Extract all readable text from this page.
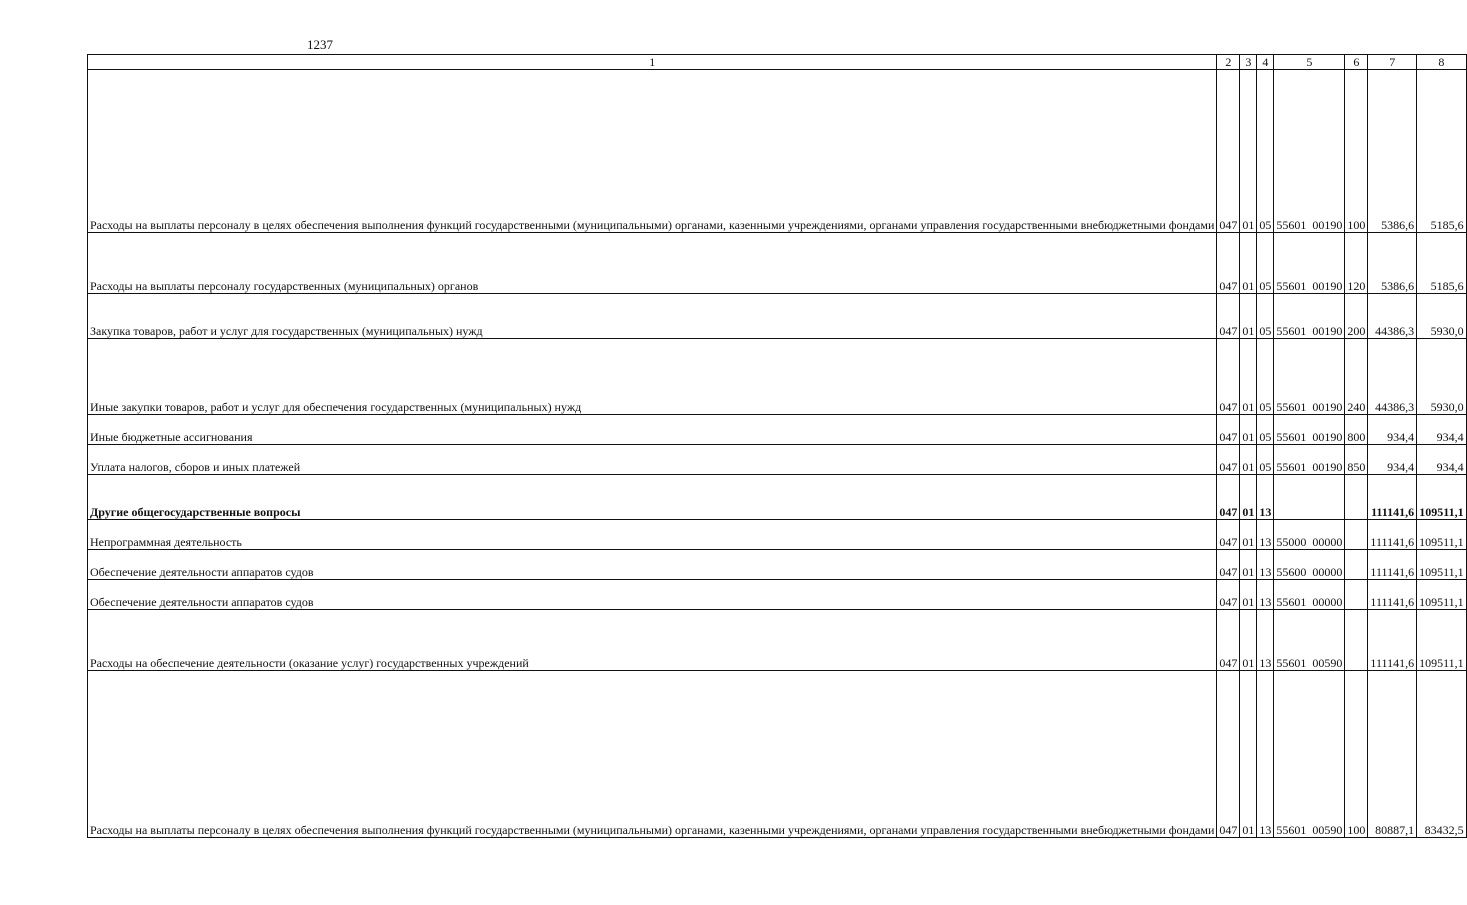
1237
1	2	3	4	5	6	7	8
Расходы на выплаты персоналу в целях обеспечения выполнения функций государственными (муниципальными) органами, казенными учреждениями, органами управления государственными внебюджетными фондами	047	01	05	55601 00190	100	5386,6	5185,6
Расходы на выплаты персоналу государственных (муниципальных) органов	047	01	05	55601 00190	120	5386,6	5185,6
Закупка товаров, работ и услуг для государственных (муниципальных) нужд	047	01	05	55601 00190	200	44386,3	5930,0
Иные закупки товаров, работ и услуг для обеспечения государственных (муниципальных) нужд	047	01	05	55601 00190	240	44386,3	5930,0
Иные бюджетные ассигнования	047	01	05	55601 00190	800	934,4	934,4
Уплата налогов, сборов и иных платежей	047	01	05	55601 00190	850	934,4	934,4
Другие общегосударственные вопросы	047	01	13			111141,6	109511,1
Непрограммная деятельность	047	01	13	55000 00000		111141,6	109511,1
Обеспечение деятельности аппаратов судов	047	01	13	55600 00000		111141,6	109511,1
Обеспечение деятельности аппаратов судов	047	01	13	55601 00000		111141,6	109511,1
Расходы на обеспечение деятельности (оказание услуг) государственных учреждений	047	01	13	55601 00590		111141,6	109511,1
Расходы на выплаты персоналу в целях обеспечения выполнения функций государственными (муниципальными) органами, казенными учреждениями, органами управления государственными внебюджетными фондами	047	01	13	55601 00590	100	80887,1	83432,5
